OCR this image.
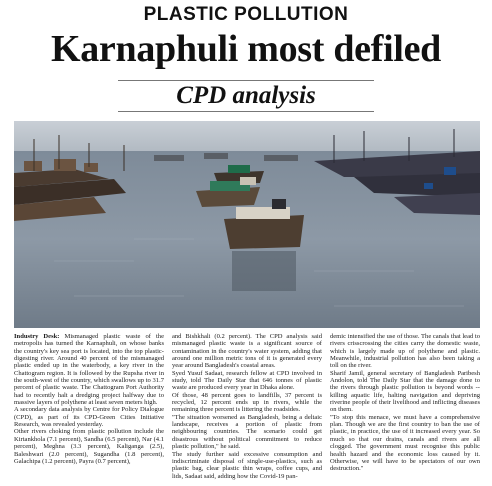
PLASTIC POLLUTION
Karnaphuli most defiled
CPD analysis

Industry Desk: Mismanaged plastic waste of the metropolis has turned the Karnaphuli, on whose banks the country's key sea port is located, into the top plastic-digesting river. Around 40 percent of the mismanaged plastic ended up in the waterbody, a key river in the Chattogram region. It is followed by the Rupsha river in the south-west of the country, which swallows up to 31.7 percent of plastic waste. The Chattogram Port Authority had to recently halt a dredging project halfway due to massive layers of polythene at least seven meters high.

A secondary data analysis by Centre for Policy Dialogue (CPD), as part of its CPD-Green Cities Initiative Research, was revealed yesterday.

Other rivers choking from plastic pollution include the Kirtankhola (7.1 percent), Sandha (6.5 percent), Nar (4.1 percent), Meghna (3.3 percent), Kaliganga (2.5), Baleshwari (2.0 percent), Sugandha (1.8 percent), Galachipa (1.2 percent), Payra (0.7 percent),

and Bishkhali (0.2 percent). The CPD analysis said mismanaged plastic waste is a significant source of contamination in the country's water system, adding that around one million metric tons of it is generated every year around Bangladesh's coastal areas.

Syed Yusuf Sadaat, research fellow at CPD involved in study, told The Daily Star that 646 tonnes of plastic waste are produced every year in Dhaka alone.

Of those, 48 percent goes to landfills, 37 percent is recycled, 12 percent ends up in rivers, while the remaining three percent is littering the roadsides.

"The situation worsened as Bangladesh, being a deltaic landscape, receives a portion of plastic from neighbouring countries. The scenario could get disastrous without political commitment to reduce plastic pollution," he said.

The study further said excessive consumption and indiscriminate disposal of single-use-plastics, such as plastic bag, clear plastic thin wraps, coffee cups, and lids, Sadaat said, adding how the Covid-19 pan-

demic intensified the use of those. The canals that lead to rivers crisscrossing the cities carry the domestic waste, which is largely made up of polythene and plastic. Meanwhile, industrial pollution has also been taking a toll on the river.

Sharif Jamil, general secretary of Bangladesh Paribesh Andolon, told The Daily Star that the damage done to the rivers through plastic pollution is beyond words -- killing aquatic life, halting navigation and depriving riverine people of their livelihood and inflicting diseases on them.

"To stop this menace, we must have a comprehensive plan. Though we are the first country to ban the use of plastic, in practice, the use of it increased every year. So much so that our drains, canals and rivers are all clogged. The government must recognise this public health hazard and the economic loss caused by it. Otherwise, we will have to be spectators of our own destruction."
